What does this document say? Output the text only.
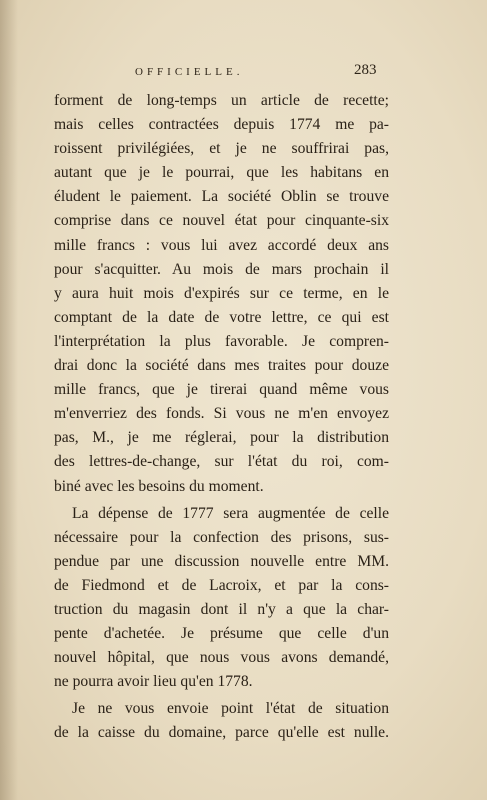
OFFICIELLE.	283
forment de long-temps un article de recette;
mais celles contractées depuis 1774 me pa-
roissent privilégiées, et je ne souffrirai pas,
autant que je le pourrai, que les habitans en
éludent le paiement. La société Oblin se trouve
comprise dans ce nouvel état pour cinquante-six
mille francs : vous lui avez accordé deux ans
pour s'acquitter. Au mois de mars prochain il
y aura huit mois d'expirés sur ce terme, en le
comptant de la date de votre lettre, ce qui est
l'interprétation la plus favorable. Je compren-
drai donc la société dans mes traites pour douze
mille francs, que je tirerai quand même vous
m'enverriez des fonds. Si vous ne m'en envoyez
pas, M., je me réglerai, pour la distribution
des lettres-de-change, sur l'état du roi, com-
biné avec les besoins du moment.
La dépense de 1777 sera augmentée de celle
nécessaire pour la confection des prisons, sus-
pendue par une discussion nouvelle entre MM.
de Fiedmond et de Lacroix, et par la cons-
truction du magasin dont il n'y a que la char-
pente d'achetée. Je présume que celle d'un
nouvel hôpital, que nous vous avons demandé,
ne pourra avoir lieu qu'en 1778.
Je ne vous envoie point l'état de situation
de la caisse du domaine, parce qu'elle est nulle.
